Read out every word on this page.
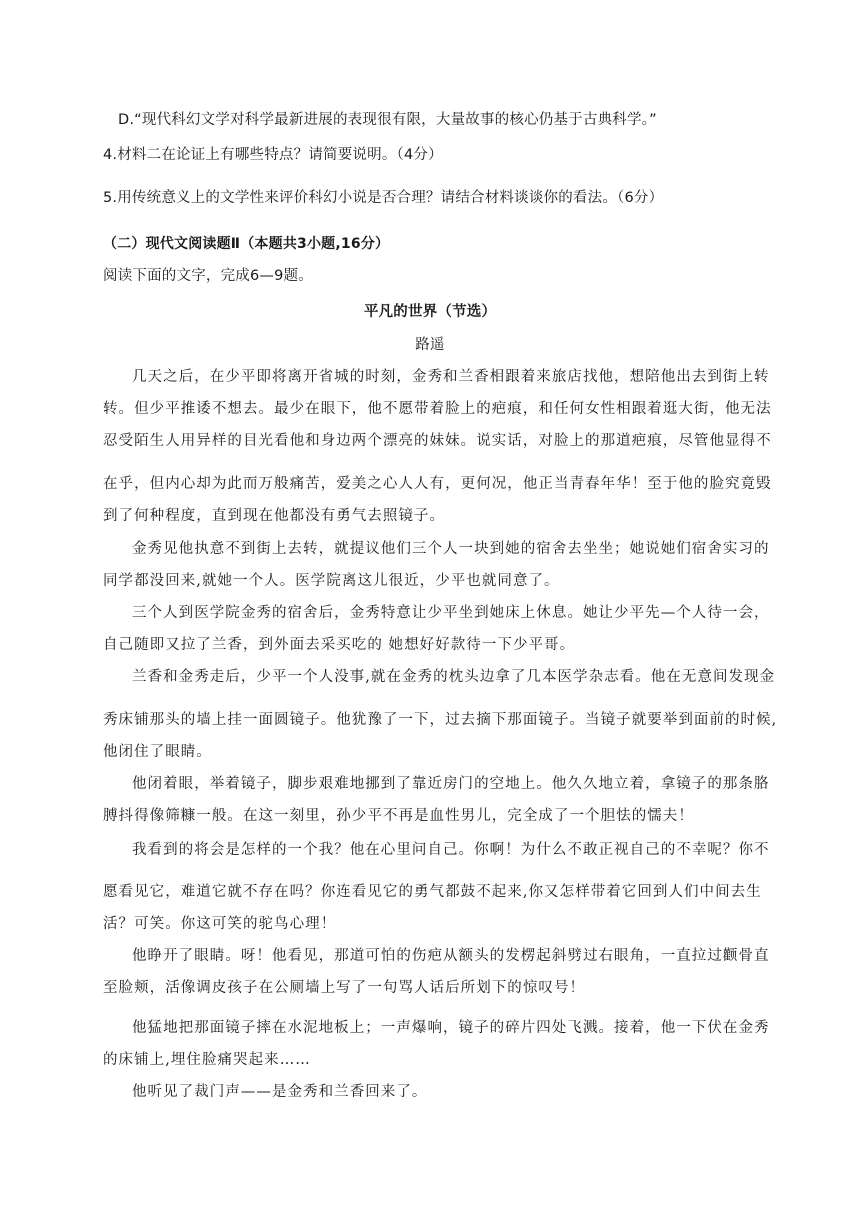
D.“现代科幻文学对科学最新进展的表现很有限，大量故事的核心仍基于古典科学。”
4.材料二在论证上有哪些特点？请简要说明。（4分）
5.用传统意义上的文学性来评价科幻小说是否合理？请结合材料谈谈你的看法。（6分）
（二）现代文阅读题Ⅱ（本题共3小题,16分）
阅读下面的文字，完成6—9题。
平凡的世界（节选）
路遥
几天之后，在少平即将离开省城的时刻，金秀和兰香相跟着来旅店找他，想陪他出去到街上转
转。但少平推诿不想去。最少在眼下，他不愿带着脸上的疤痕，和任何女性相跟着逛大街，他无法
忍受陌生人用异样的目光看他和身边两个漂亮的妹妹。说实话，对脸上的那道疤痕，尽管他显得不
在乎，但内心却为此而万般痛苦，爱美之心人人有，更何况，他正当青春年华！至于他的脸究竟毁
到了何种程度，直到现在他都没有勇气去照镜子。
金秀见他执意不到街上去转，就提议他们三个人一块到她的宿舍去坐坐；她说她们宿舍实习的
同学都没回来,就她一个人。医学院离这儿很近，少平也就同意了。
三个人到医学院金秀的宿舍后，金秀特意让少平坐到她床上休息。她让少平先—个人待一会，
自己随即又拉了兰香，到外面去采买吃的 她想好好款待一下少平哥。
兰香和金秀走后，少平一个人没事,就在金秀的枕头边拿了几本医学杂志看。他在无意间发现金
秀床铺那头的墙上挂一面圆镜子。他犹豫了一下，过去摘下那面镜子。当镜子就要举到面前的时候,
他闭住了眼睛。
他闭着眼，举着镜子，脚步艰难地挪到了靠近房门的空地上。他久久地立着，拿镜子的那条胳
膊抖得像筛糠一般。在这一刻里，孙少平不再是血性男儿，完全成了一个胆怯的懦夫！
我看到的将会是怎样的一个我？他在心里问自己。你啊！为什么不敢正视自己的不幸呢？你不
愿看见它，难道它就不存在吗？你连看见它的勇气都鼓不起来,你又怎样带着它回到人们中间去生
活？可笑。你这可笑的驼鸟心理！
他睁开了眼睛。呀！他看见，那道可怕的伤疤从额头的发楞起斜劈过右眼角，一直拉过颧骨直
至脸颊，活像调皮孩子在公厕墙上写了一句骂人话后所划下的惊叹号！
他猛地把那面镜子摔在水泥地板上；一声爆响，镜子的碎片四处飞溅。接着，他一下伏在金秀
的床铺上,埋住脸痛哭起来……
他听见了裁门声——是金秀和兰香回来了。
